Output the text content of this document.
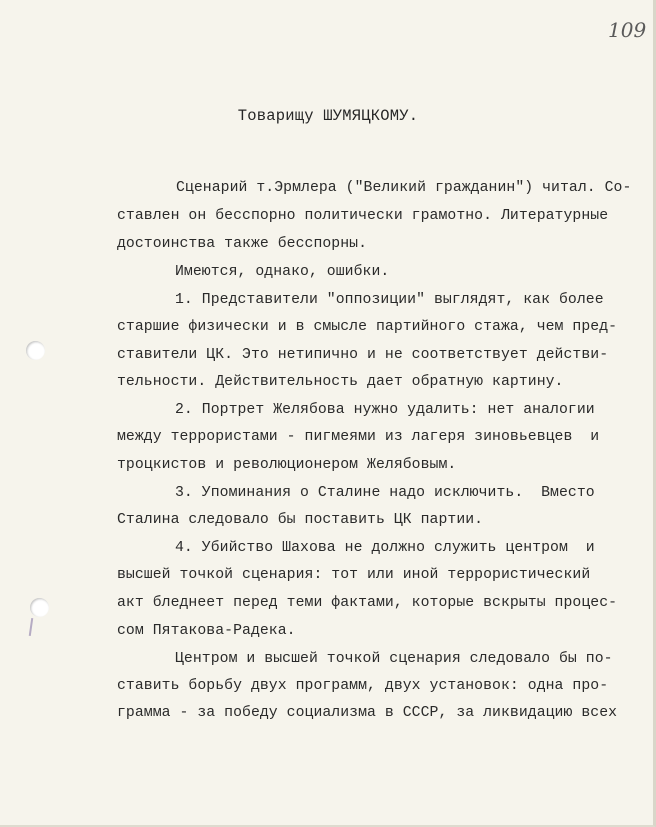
109
Товарищу ШУМЯЦКОМУ.
Сценарий т.Эрмлера ("Великий гражданин") читал. Со-
ставлен он бесспорно политически грамотно. Литературные
достоинства также бесспорны.
Имеются, однако, ошибки.
1. Представители "оппозиции" выглядят, как более
старшие физически и в смысле партийного стажа, чем пред-
ставители ЦК. Это нетипично и не соответствует действи-
тельности. Действительность дает обратную картину.
2. Портрет Желябова нужно удалить: нет аналогии
между террористами - пигмеями из лагеря зиновьевцев  и
троцкистов и революционером Желябовым.
3. Упоминания о Сталине надо исключить.  Вместо
Сталина следовало бы поставить ЦК партии.
4. Убийство Шахова не должно служить центром  и
высшей точкой сценария: тот или иной террористический
акт бледнеет перед теми фактами, которые вскрыты процес-
сом Пятакова-Радека.
Центром и высшей точкой сценария следовало бы по-
ставить борьбу двух программ, двух установок: одна про-
грамма - за победу социализма в СССР, за ликвидацию всех
